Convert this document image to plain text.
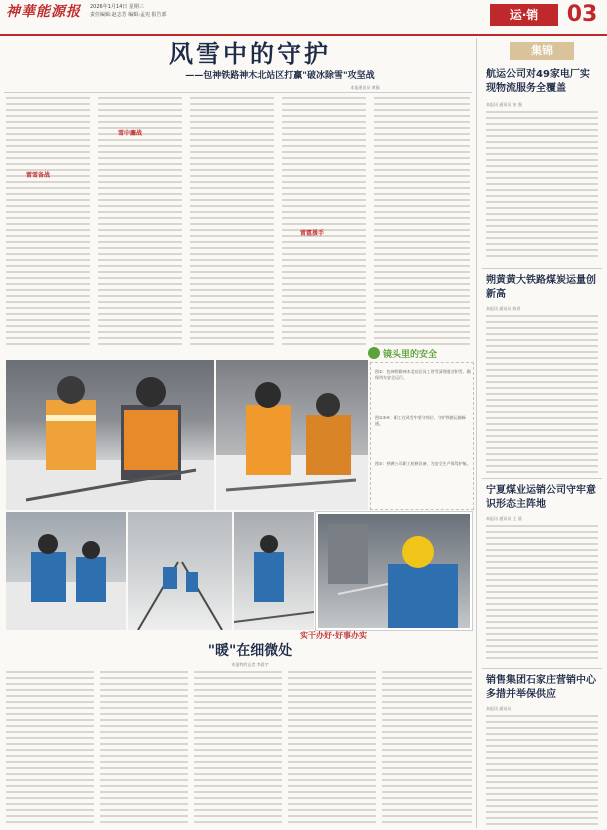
神華能源报 2026年1月14日 星期三
责任编辑:赵志芳 编辑:孟宪 报告部	运·销	03
风雪中的守护
——包神铁路神木北站区打赢"破冰除雪"攻坚战
本报通讯员 黄猫
雷雪备战
雪中鏖战
雷霆援手
镜头里的安全
图①：包神铁路神木北站区员工冒雪清理道岔积雪，确保列车安全运行。
图②③④：职工在风雪中坚守岗位，守护铁路运输畅通。
图⑤：朔黄公司职工检修设备，为安全生产保驾护航。
实干办好·好事办实
"暖"在细微处
本报特约记者 李晨宇
集锦
航运公司对49家电厂实现物流服务全覆盖
本报讯 通讯员 宋 强
朔黄黄大铁路煤炭运量创新高
本报讯 通讯员 陈晋
宁夏煤业运销公司守牢意识形态主阵地
本报讯 通讯员 王 晨
销售集团石家庄营销中心多措并举保供应
本报讯 通讯员
